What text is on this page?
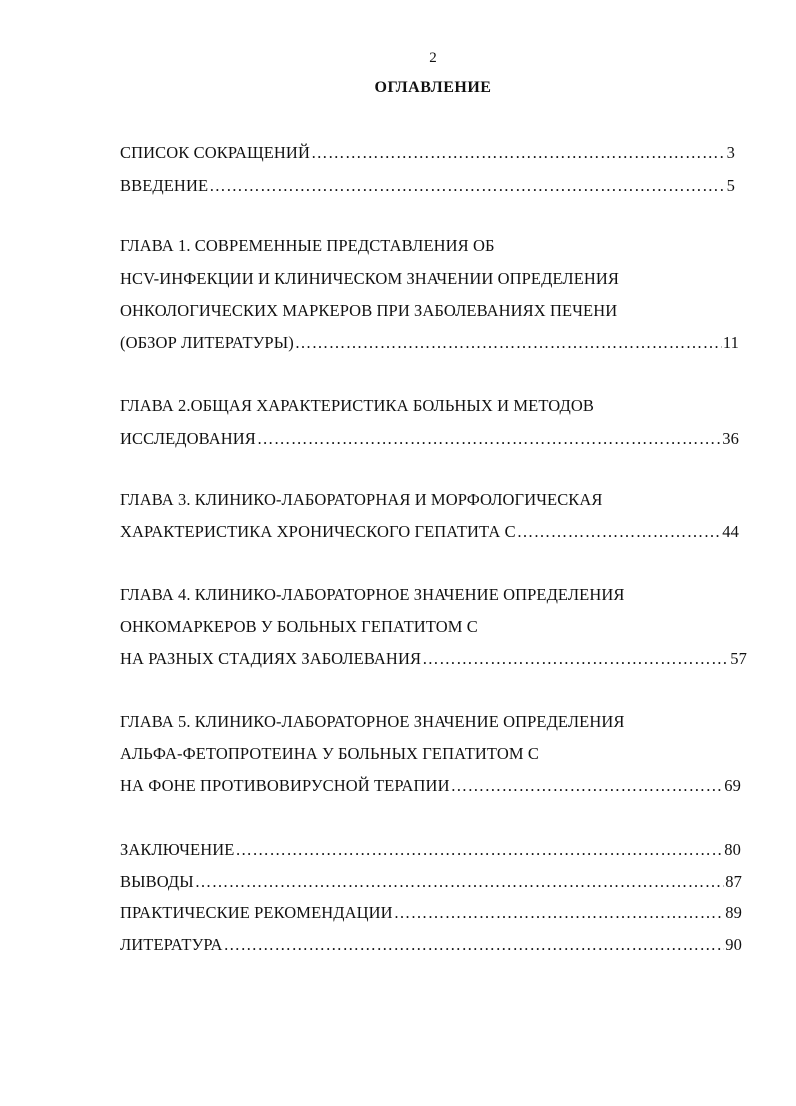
2
ОГЛАВЛЕНИЕ
СПИСОК СОКРАЩЕНИЙ ……………………………………………………………………………………………………………………………………………………	3
ВВЕДЕНИЕ ……………………………………………………………………………………………………………………………………………………	5
ГЛАВА 1. СОВРЕМЕННЫЕ ПРЕДСТАВЛЕНИЯ ОБ
HCV-ИНФЕКЦИИ И КЛИНИЧЕСКОМ ЗНАЧЕНИИ ОПРЕДЕЛЕНИЯ
ОНКОЛОГИЧЕСКИХ МАРКЕРОВ ПРИ ЗАБОЛЕВАНИЯХ ПЕЧЕНИ
(ОБЗОР ЛИТЕРАТУРЫ) ……………………………………………………………………………………………………………………………………………………	11
ГЛАВА 2.ОБЩАЯ ХАРАКТЕРИСТИКА БОЛЬНЫХ И МЕТОДОВ
ИССЛЕДОВАНИЯ ……………………………………………………………………………………………………………………………………………………	36
ГЛАВА 3. КЛИНИКО-ЛАБОРАТОРНАЯ И МОРФОЛОГИЧЕСКАЯ
ХАРАКТЕРИСТИКА ХРОНИЧЕСКОГО ГЕПАТИТА С ……………………………………………………………………………………………………………………………………………………	44
ГЛАВА 4. КЛИНИКО-ЛАБОРАТОРНОЕ ЗНАЧЕНИЕ ОПРЕДЕЛЕНИЯ
ОНКОМАРКЕРОВ У БОЛЬНЫХ ГЕПАТИТОМ С
НА РАЗНЫХ СТАДИЯХ ЗАБОЛЕВАНИЯ ……………………………………………………………………………………………………………………………………………………	57
ГЛАВА 5. КЛИНИКО-ЛАБОРАТОРНОЕ ЗНАЧЕНИЕ ОПРЕДЕЛЕНИЯ
АЛЬФА-ФЕТОПРОТЕИНА У БОЛЬНЫХ ГЕПАТИТОМ С
НА ФОНЕ ПРОТИВОВИРУСНОЙ ТЕРАПИИ ……………………………………………………………………………………………………………………………………………………	69
ЗАКЛЮЧЕНИЕ ……………………………………………………………………………………………………………………………………………………	80
ВЫВОДЫ ……………………………………………………………………………………………………………………………………………………	87
ПРАКТИЧЕСКИЕ РЕКОМЕНДАЦИИ ……………………………………………………………………………………………………………………………………………………	89
ЛИТЕРАТУРА ……………………………………………………………………………………………………………………………………………………	90
